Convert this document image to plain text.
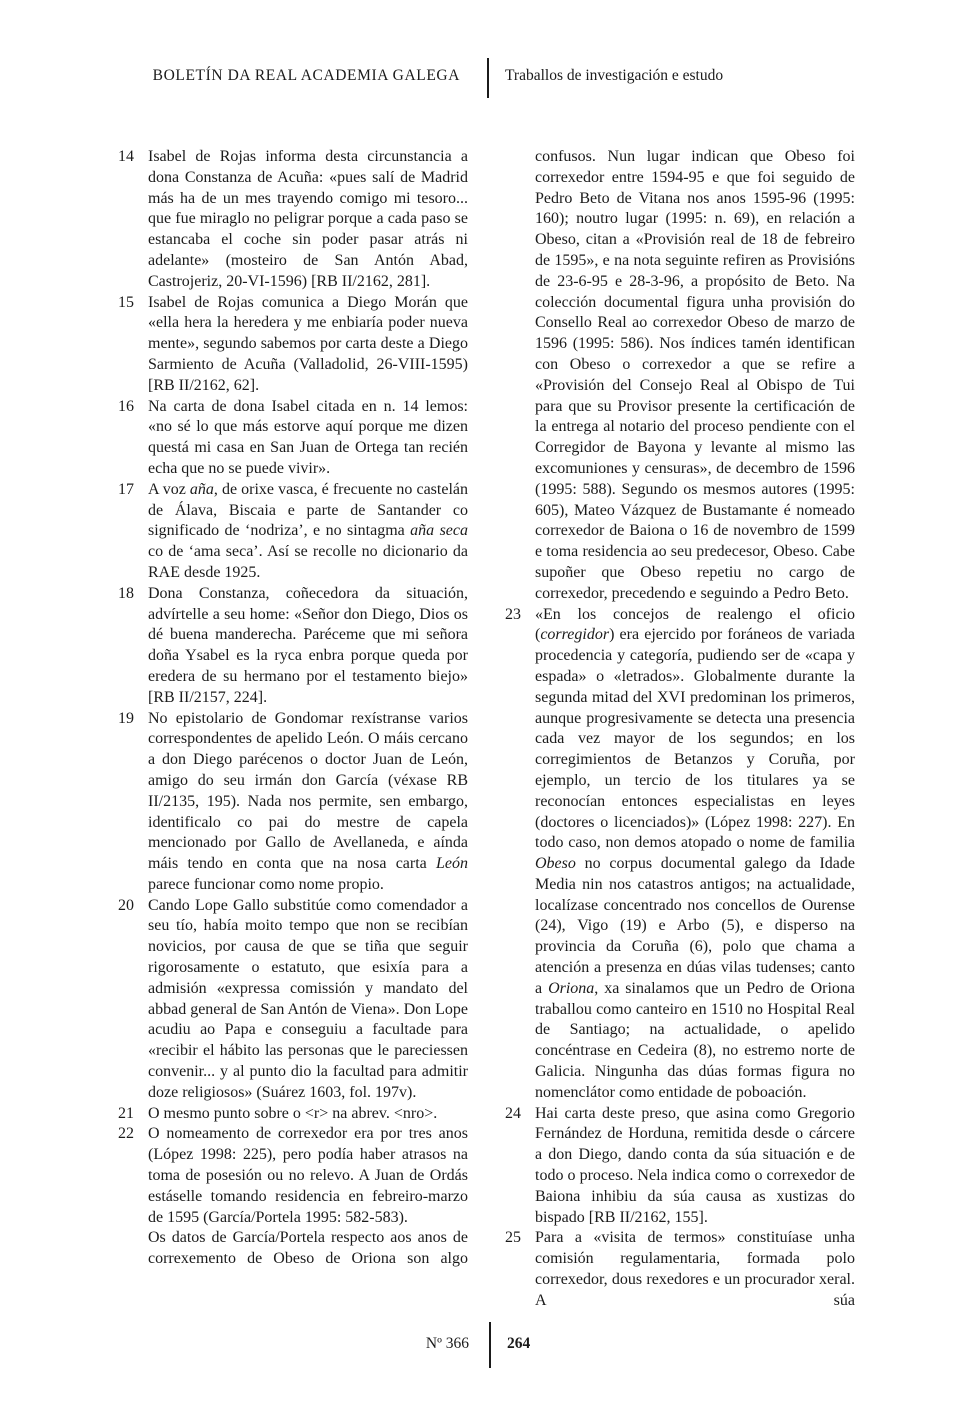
BOLETÍN DA REAL ACADEMIA GALEGA	Traballos de investigación e estudo
14 Isabel de Rojas informa desta circunstancia a dona Constanza de Acuña: «pues salí de Madrid más ha de un mes trayendo comigo mi tesoro... que fue miraglo no peligrar porque a cada paso se estancaba el coche sin poder pasar atrás ni adelante» (mosteiro de San Antón Abad, Castrojeriz, 20-VI-1596) [RB II/2162, 281].
15 Isabel de Rojas comunica a Diego Morán que «ella hera la heredera y me enbiaría poder nueva mente», segundo sabemos por carta deste a Diego Sarmiento de Acuña (Valladolid, 26-VIII-1595) [RB II/2162, 62].
16 Na carta de dona Isabel citada en n. 14 lemos: «no sé lo que más estorve aquí porque me dizen questá mi casa en San Juan de Ortega tan recién echa que no se puede vivir».
17 A voz aña, de orixe vasca, é frecuente no castelán de Álava, Biscaia e parte de Santander co significado de ‘nodriza’, e no sintagma aña seca co de ‘ama seca’. Así se recolle no dicionario da RAE desde 1925.
18 Dona Constanza, coñecedora da situación, advírtelle a seu home: «Señor don Diego, Dios os dé buena manderecha. Paréceme que mi señora doña Ysabel es la ryca enbra porque queda por eredera de su hermano por el testamento biejo» [RB II/2157, 224].
19 No epistolario de Gondomar rexístranse varios correspondentes de apelido León. O máis cercano a don Diego parécenos o doctor Juan de León, amigo do seu irmán don García (véxase RB II/2135, 195). Nada nos permite, sen embargo, identificalo co pai do mestre de capela mencionado por Gallo de Avellaneda, e aínda máis tendo en conta que na nosa carta León parece funcionar como nome propio.
20 Cando Lope Gallo substitúe como comendador a seu tío, había moito tempo que non se recibían novicios, por causa de que se tiña que seguir rigorosamente o estatuto, que esixía para a admisión «expressa comissión y mandato del abbad general de San Antón de Viena». Don Lope acudiu ao Papa e conseguiu a facultade para «recibir el hábito las personas que le pareciessen convenir... y al punto dio la facultad para admitir doze religiosos» (Suárez 1603, fol. 197v).
21 O mesmo punto sobre o <r> na abrev. <nro>.
22 O nomeamento de correxedor era por tres anos (López 1998: 225), pero podía haber atrasos na toma de posesión ou no relevo. A Juan de Ordás estáselle tomando residencia en febreiro-marzo de 1595 (García/Portela 1995: 582-583).
Os datos de García/Portela respecto aos anos de correxemento de Obeso de Oriona son algo
confusos. Nun lugar indican que Obeso foi correxedor entre 1594-95 e que foi seguido de Pedro Beto de Vitana nos anos 1595-96 (1995: 160); noutro lugar (1995: n. 69), en relación a Obeso, citan a «Provisión real de 18 de febreiro de 1595», e na nota seguinte refiren as Provisións de 23-6-95 e 28-3-96, a propósito de Beto. Na colección documental figura unha provisión do Consello Real ao correxedor Obeso de marzo de 1596 (1995: 586). Nos índices tamén identifican con Obeso o correxedor a que se refire a «Provisión del Consejo Real al Obispo de Tui para que su Provisor presente la certificación de la entrega al notario del proceso pendiente con el Corregidor de Bayona y levante al mismo las excomuniones y censuras», de decembro de 1596 (1995: 588). Segundo os mesmos autores (1995: 605), Mateo Vázquez de Bustamante é nomeado correxedor de Baiona o 16 de novembro de 1599 e toma residencia ao seu predecesor, Obeso. Cabe supoñer que Obeso repetiu no cargo de correxedor, precedendo e seguindo a Pedro Beto.
23 «En los concejos de realengo el oficio (corregidor) era ejercido por foráneos de variada procedencia y categoría, pudiendo ser de «capa y espada» o «letrados». Globalmente durante la segunda mitad del XVI predominan los primeros, aunque progresivamente se detecta una presencia cada vez mayor de los segundos; en los corregimientos de Betanzos y Coruña, por ejemplo, un tercio de los titulares ya se reconocían entonces especialistas en leyes (doctores o licenciados)» (López 1998: 227). En todo caso, non demos atopado o nome de familia Obeso no corpus documental galego da Idade Media nin nos catastros antigos; na actualidade, localízase concentrado nos concellos de Ourense (24), Vigo (19) e Arbo (5), e disperso na provincia da Coruña (6), polo que chama a atención a presenza en dúas vilas tudenses; canto a Oriona, xa sinalamos que un Pedro de Oriona traballou como canteiro en 1510 no Hospital Real de Santiago; na actualidade, o apelido concéntrase en Cedeira (8), no estremo norte de Galicia. Ningunha das dúas formas figura no nomenclátor como entidade de poboación.
24 Hai carta deste preso, que asina como Gregorio Fernández de Horduna, remitida desde o cárcere a don Diego, dando conta da súa situación e de todo o proceso. Nela indica como o correxedor de Baiona inhibiu da súa causa as xustizas do bispado [RB II/2162, 155].
25 Para a «visita de termos» constituíase unha comisión regulamentaria, formada polo correxedor, dous rexedores e un procurador xeral. A súa
Nº 366 264
